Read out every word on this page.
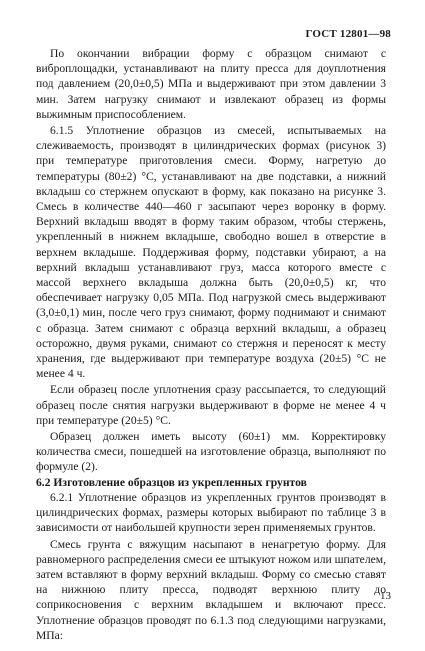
ГОСТ 12801—98

По окончании вибрации форму с образцом снимают с виброплощадки, устанавливают на плиту пресса для доуплотнения под давлением (20,0±0,5) МПа и выдерживают при этом давлении 3 мин. Затем нагрузку снимают и извлекают образец из формы выжимным приспособлением.

6.1.5 Уплотнение образцов из смесей, испытываемых на слеживаемость, производят в цилиндрических формах (рисунок 3) при температуре приготовления смеси. Форму, нагретую до температуры (80±2) °С, устанавливают на две подставки, а нижний вкладыш со стержнем опускают в форму, как показано на рисунке 3. Смесь в количестве 440—460 г засыпают через воронку в форму. Верхний вкладыш вводят в форму таким образом, чтобы стержень, укрепленный в нижнем вкладыше, свободно вошел в отверстие в верхнем вкладыше. Поддерживая форму, подставки убирают, а на верхний вкладыш устанавливают груз, масса которого вместе с массой верхнего вкладыша должна быть (20,0±0,5) кг, что обеспечивает нагрузку 0,05 МПа. Под нагрузкой смесь выдерживают (3,0±0,1) мин, после чего груз снимают, форму поднимают и снимают с образца. Затем снимают с образца верхний вкладыш, а образец осторожно, двумя руками, снимают со стержня и переносят к месту хранения, где выдерживают при температуре воздуха (20±5) °С не менее 4 ч.

Если образец после уплотнения сразу рассыпается, то следующий образец после снятия нагрузки выдерживают в форме не менее 4 ч при температуре (20±5) °С.

Образец должен иметь высоту (60±1) мм. Корректировку количества смеси, пошедшей на изготовление образца, выполняют по формуле (2).

6.2 Изготовление образцов из укрепленных грунтов

6.2.1 Уплотнение образцов из укрепленных грунтов производят в цилиндрических формах, размеры которых выбирают по таблице 3 в зависимости от наибольшей крупности зерен применяемых грунтов.

Смесь грунта с вяжущим насыпают в ненагретую форму. Для равномерного распределения смеси ее штыкуют ножом или шпателем, затем вставляют в форму верхний вкладыш. Форму со смесью ставят на нижнюю плиту пресса, подводят верхнюю плиту до соприкосновения с верхним вкладышем и включают пресс. Уплотнение образцов проводят по 6.1.3 под следующими нагрузками, МПа:

13
